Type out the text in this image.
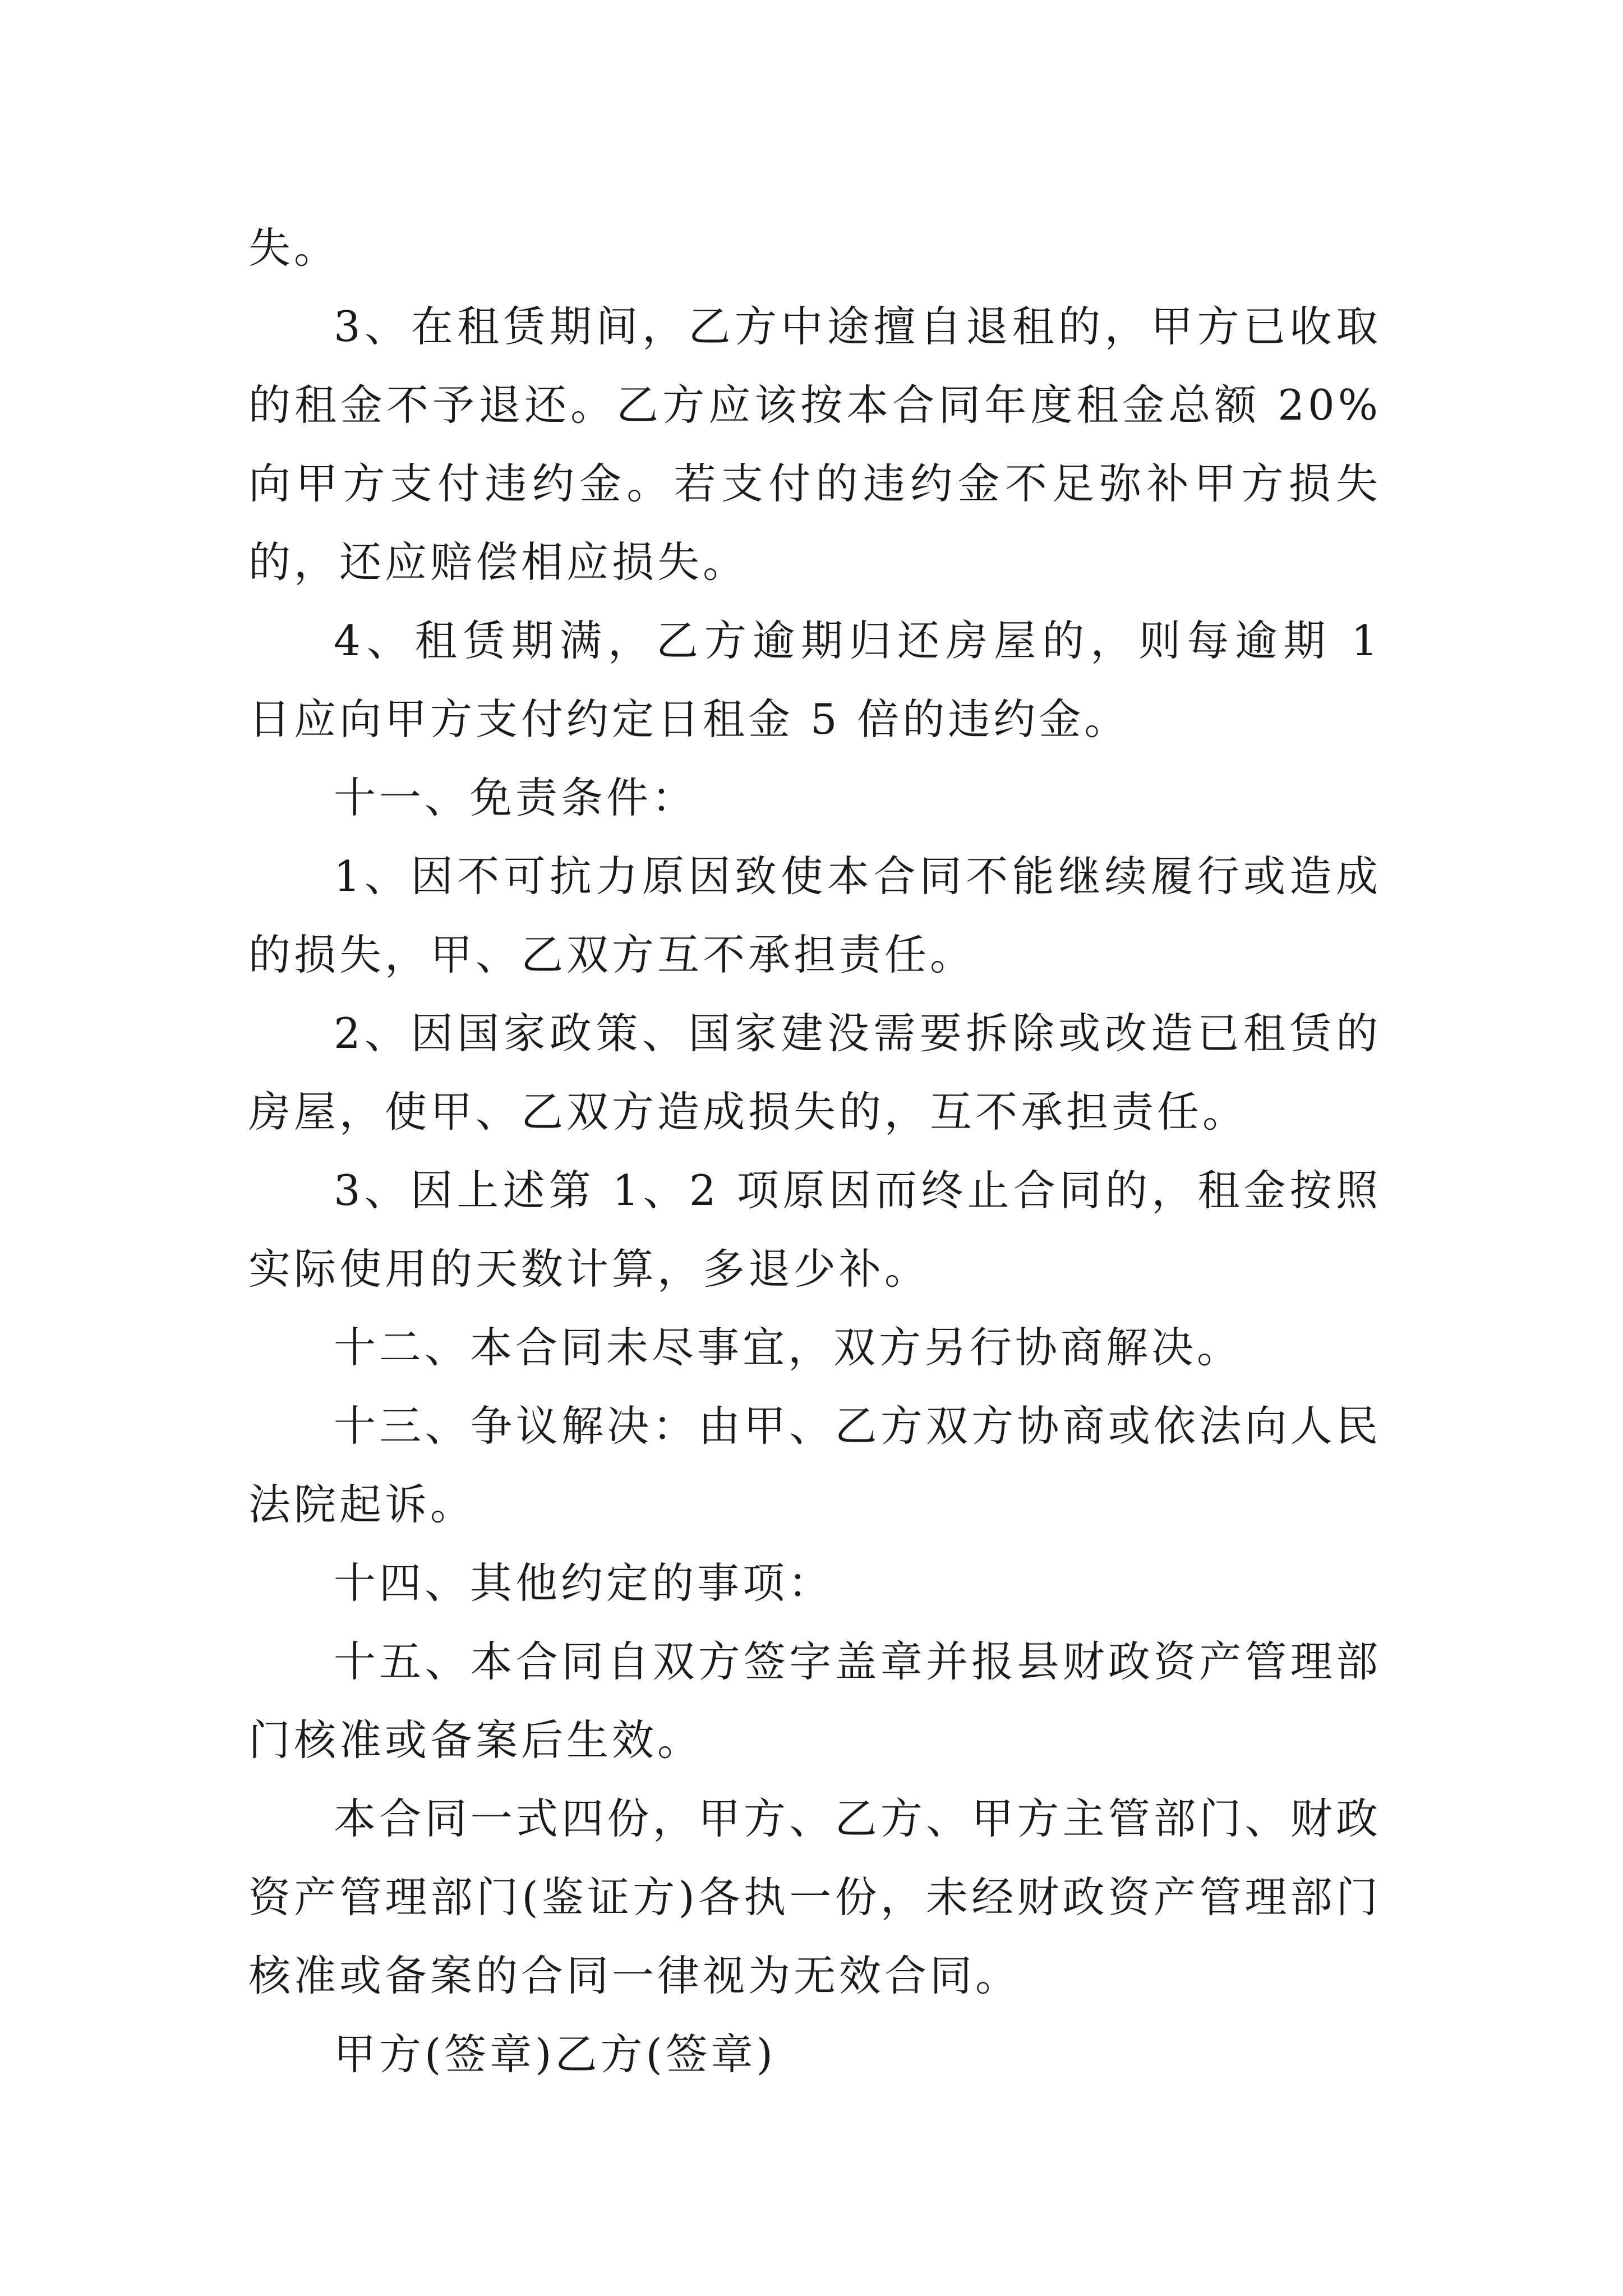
失。

3、在租赁期间，乙方中途擅自退租的，甲方已收取的租金不予退还。乙方应该按本合同年度租金总额 20%向甲方支付违约金。若支付的违约金不足弥补甲方损失的，还应赔偿相应损失。

4、租赁期满，乙方逾期归还房屋的，则每逾期 1 日应向甲方支付约定日租金 5 倍的违约金。

十一、免责条件：

1、因不可抗力原因致使本合同不能继续履行或造成的损失，甲、乙双方互不承担责任。

2、因国家政策、国家建没需要拆除或改造已租赁的房屋，使甲、乙双方造成损失的，互不承担责任。

3、因上述第 1、2 项原因而终止合同的，租金按照实际使用的天数计算，多退少补。

十二、本合同未尽事宜，双方另行协商解决。

十三、争议解决：由甲、乙方双方协商或依法向人民法院起诉。

十四、其他约定的事项：

十五、本合同自双方签字盖章并报县财政资产管理部门核准或备案后生效。

本合同一式四份，甲方、乙方、甲方主管部门、财政资产管理部门(鉴证方)各执一份，未经财政资产管理部门核准或备案的合同一律视为无效合同。

甲方(签章)乙方(签章)
